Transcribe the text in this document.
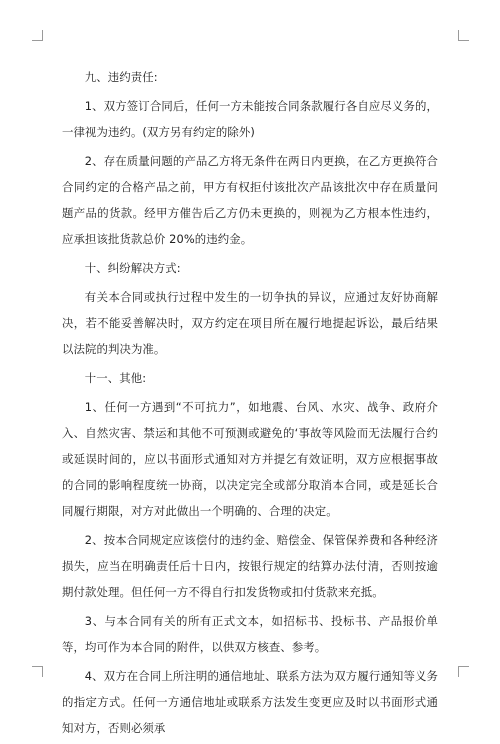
九、违约责任:

1、双方签订合同后，任何一方未能按合同条款履行各自应尽义务的，一律视为违约。(双方另有约定的除外)

2、存在质量问题的产品乙方将无条件在两日内更换，在乙方更换符合合同约定的合格产品之前，甲方有权拒付该批次产品该批次中存在质量问题产品的货款。经甲方催告后乙方仍未更换的，则视为乙方根本性违约，应承担该批货款总价 20%的违约金。

十、纠纷解决方式:

有关本合同或执行过程中发生的一切争执的异议，应通过友好协商解决，若不能妥善解决时，双方约定在项目所在履行地提起诉讼，最后结果以法院的判决为准。

十一、其他:

1、任何一方遇到“不可抗力”，如地震、台风、水灾、战争、政府介入、自然灾害、禁运和其他不可预测或避免的‘事故等风险而无法履行合约或延误时间的，应以书面形式通知对方并提乞有效证明，双方应根据事故的合同的影响程度统一协商，以决定完全或部分取消本合同，或是延长合同履行期限，对方对此做出一个明确的、合理的决定。

2、按本合同规定应该偿付的违约金、赔偿金、保管保养费和各种经济损失，应当在明确责任后十日内，按银行规定的结算办法付清，否则按逾期付款处理。但任何一方不得自行扣发货物或扣付货款来充抵。

3、与本合同有关的所有正式文本，如招标书、投标书、产品报价单等，均可作为本合同的附件，以供双方核查、参考。

4、双方在合同上所注明的通信地址、联系方法为双方履行通知等义务的指定方式。任何一方通信地址或联系方法发生变更应及时以书面形式通知对方，否则必须承
